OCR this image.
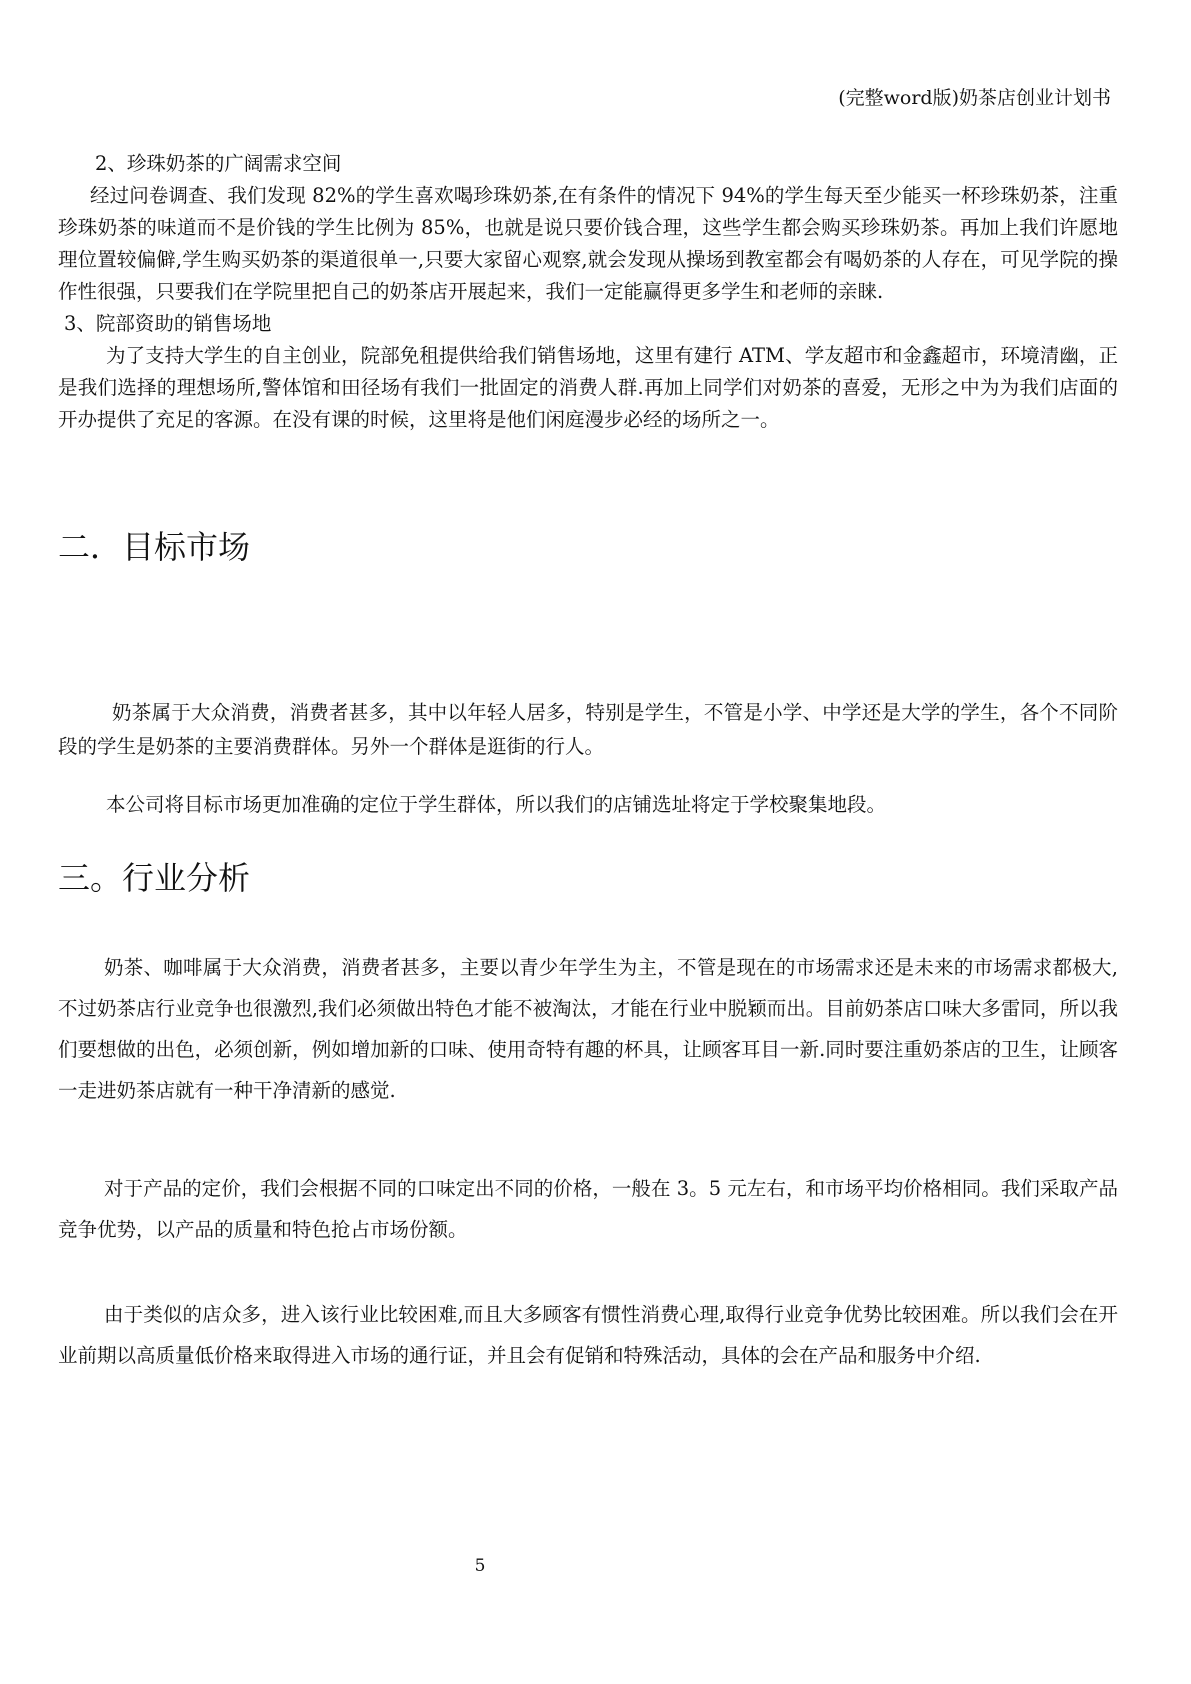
(完整word版)奶茶店创业计划书
2、珍珠奶茶的广阔需求空间

经过问卷调查、我们发现 82%的学生喜欢喝珍珠奶茶,在有条件的情况下 94%的学生每天至少能买一杯珍珠奶茶，注重珍珠奶茶的味道而不是价钱的学生比例为 85%，也就是说只要价钱合理，这些学生都会购买珍珠奶茶。再加上我们许愿地理位置较偏僻,学生购买奶茶的渠道很单一,只要大家留心观察,就会发现从操场到教室都会有喝奶茶的人存在，可见学院的操作性很强，只要我们在学院里把自己的奶茶店开展起来，我们一定能赢得更多学生和老师的亲睐.

3、院部资助的销售场地

为了支持大学生的自主创业，院部免租提供给我们销售场地，这里有建行 ATM、学友超市和金鑫超市，环境清幽，正是我们选择的理想场所,警体馆和田径场有我们一批固定的消费人群.再加上同学们对奶茶的喜爱，无形之中为为我们店面的开办提供了充足的客源。在没有课的时候，这里将是他们闲庭漫步必经的场所之一。

二．目标市场

奶茶属于大众消费，消费者甚多，其中以年轻人居多，特别是学生，不管是小学、中学还是大学的学生，各个不同阶段的学生是奶茶的主要消费群体。另外一个群体是逛街的行人。

本公司将目标市场更加准确的定位于学生群体，所以我们的店铺选址将定于学校聚集地段。

三。行业分析

奶茶、咖啡属于大众消费，消费者甚多，主要以青少年学生为主，不管是现在的市场需求还是未来的市场需求都极大,不过奶茶店行业竞争也很激烈,我们必须做出特色才能不被淘汰，才能在行业中脱颖而出。目前奶茶店口味大多雷同，所以我们要想做的出色，必须创新，例如增加新的口味、使用奇特有趣的杯具，让顾客耳目一新.同时要注重奶茶店的卫生，让顾客一走进奶茶店就有一种干净清新的感觉.

对于产品的定价，我们会根据不同的口味定出不同的价格，一般在 3。5 元左右，和市场平均价格相同。我们采取产品竞争优势，以产品的质量和特色抢占市场份额。

由于类似的店众多，进入该行业比较困难,而且大多顾客有惯性消费心理,取得行业竞争优势比较困难。所以我们会在开业前期以高质量低价格来取得进入市场的通行证，并且会有促销和特殊活动，具体的会在产品和服务中介绍.

5
